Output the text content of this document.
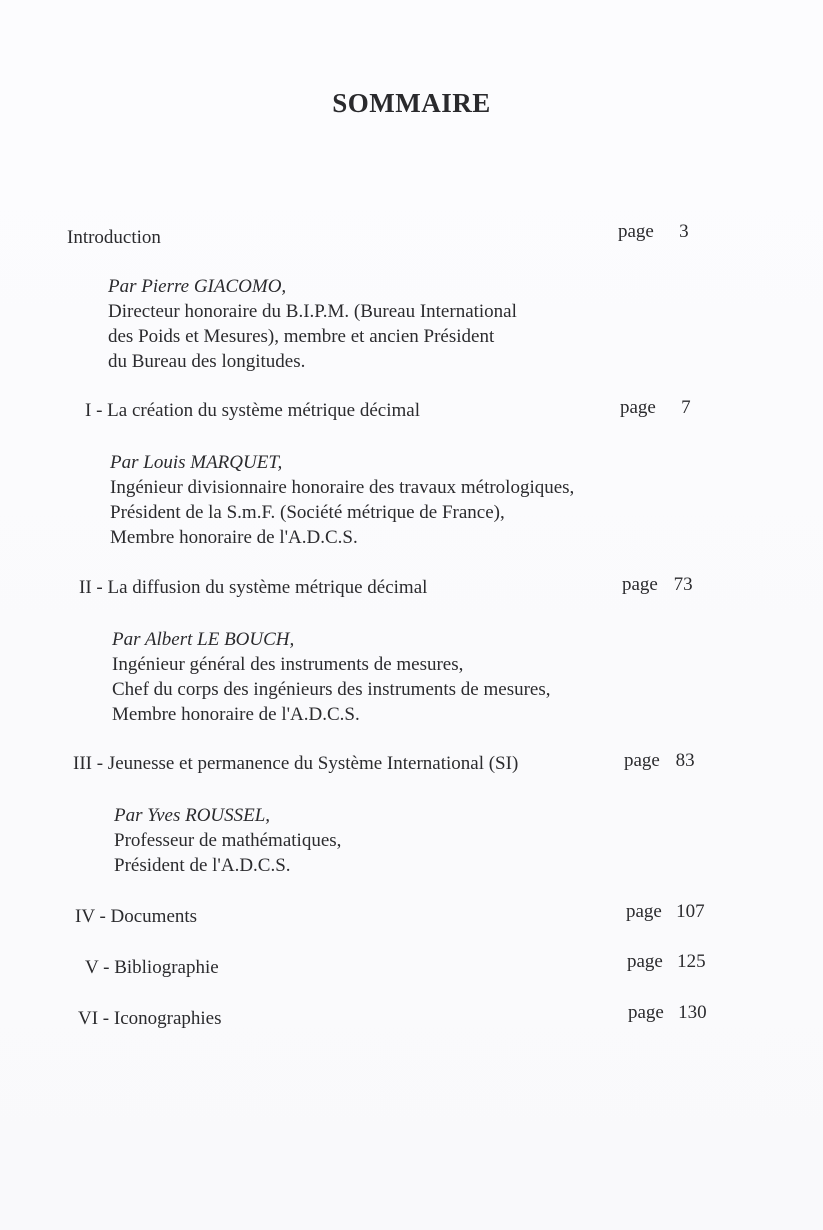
SOMMAIRE
Introduction	page 3
Par Pierre GIACOMO,
Directeur honoraire du B.I.P.M. (Bureau International
des Poids et Mesures), membre et ancien Président
du Bureau des longitudes.
I - La création du système métrique décimal	page 7
Par Louis MARQUET,
Ingénieur divisionnaire honoraire des travaux métrologiques,
Président de la S.m.F. (Société métrique de France),
Membre honoraire de l'A.D.C.S.
II - La diffusion du système métrique décimal	page 73
Par Albert LE BOUCH,
Ingénieur général des instruments de mesures,
Chef du corps des ingénieurs des instruments de mesures,
Membre honoraire de l'A.D.C.S.
III - Jeunesse et permanence du Système International (SI)	page 83
Par Yves ROUSSEL,
Professeur de mathématiques,
Président de l'A.D.C.S.
IV - Documents	page 107
V - Bibliographie	page 125
VI - Iconographies	page 130
